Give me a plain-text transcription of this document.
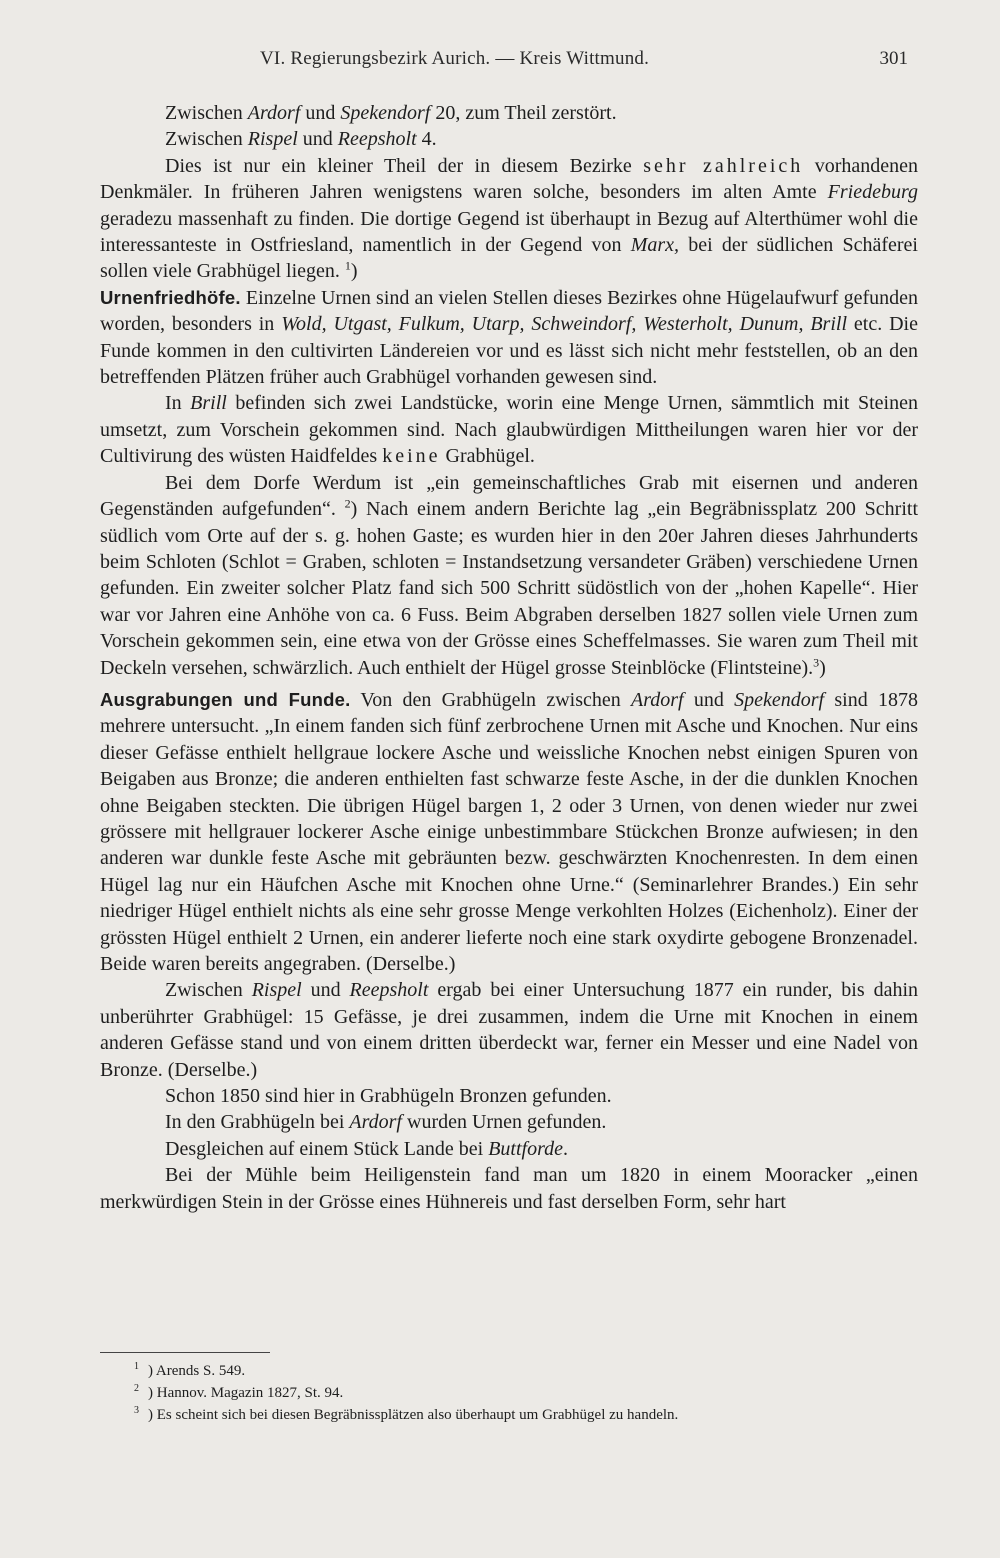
VI. Regierungsbezirk Aurich. — Kreis Wittmund.	301

Zwischen Ardorf und Spekendorf 20, zum Theil zerstört.

Zwischen Rispel und Reepsholt 4.

Dies ist nur ein kleiner Theil der in diesem Bezirke sehr zahlreich vorhandenen Denkmäler. In früheren Jahren wenigstens waren solche, besonders im alten Amte Friedeburg geradezu massenhaft zu finden. Die dortige Gegend ist überhaupt in Bezug auf Alterthümer wohl die interessanteste in Ostfriesland, namentlich in der Gegend von Marx, bei der südlichen Schäferei sollen viele Grabhügel liegen. $^1$)

Urnenfriedhöfe. Einzelne Urnen sind an vielen Stellen dieses Bezirkes ohne Hügelaufwurf gefunden worden, besonders in Wold, Utgast, Fulkum, Utarp, Schweindorf, Westerholt, Dunum, Brill etc. Die Funde kommen in den cultivirten Ländereien vor und es lässt sich nicht mehr feststellen, ob an den betreffenden Plätzen früher auch Grabhügel vorhanden gewesen sind.

In Brill befinden sich zwei Landstücke, worin eine Menge Urnen, sämmtlich mit Steinen umsetzt, zum Vorschein gekommen sind. Nach glaubwürdigen Mittheilungen waren hier vor der Cultivirung des wüsten Haidfeldes keine Grabhügel.

Bei dem Dorfe Werdum ist „ein gemeinschaftliches Grab mit eisernen und anderen Gegenständen aufgefunden“. $^2$) Nach einem andern Berichte lag „ein Begräbnissplatz 200 Schritt südlich vom Orte auf der s. g. hohen Gaste; es wurden hier in den 20er Jahren dieses Jahrhunderts beim Schloten (Schlot = Graben, schloten = Instandsetzung versandeter Gräben) verschiedene Urnen gefunden. Ein zweiter solcher Platz fand sich 500 Schritt südöstlich von der „hohen Kapelle“. Hier war vor Jahren eine Anhöhe von ca. 6 Fuss. Beim Abgraben derselben 1827 sollen viele Urnen zum Vorschein gekommen sein, eine etwa von der Grösse eines Scheffelmasses. Sie waren zum Theil mit Deckeln versehen, schwärzlich. Auch enthielt der Hügel grosse Steinblöcke (Flintsteine).$^3$)

Ausgrabungen und Funde. Von den Grabhügeln zwischen Ardorf und Spekendorf sind 1878 mehrere untersucht. „In einem fanden sich fünf zerbrochene Urnen mit Asche und Knochen. Nur eins dieser Gefässe enthielt hellgraue lockere Asche und weissliche Knochen nebst einigen Spuren von Beigaben aus Bronze; die anderen enthielten fast schwarze feste Asche, in der die dunklen Knochen ohne Beigaben steckten. Die übrigen Hügel bargen 1, 2 oder 3 Urnen, von denen wieder nur zwei grössere mit hellgrauer lockerer Asche einige unbestimmbare Stückchen Bronze aufwiesen; in den anderen war dunkle feste Asche mit gebräunten bezw. geschwärzten Knochenresten. In dem einen Hügel lag nur ein Häufchen Asche mit Knochen ohne Urne.“ (Seminarlehrer Brandes.) Ein sehr niedriger Hügel enthielt nichts als eine sehr grosse Menge verkohlten Holzes (Eichenholz). Einer der grössten Hügel enthielt 2 Urnen, ein anderer lieferte noch eine stark oxydirte gebogene Bronzenadel. Beide waren bereits angegraben. (Derselbe.)

Zwischen Rispel und Reepsholt ergab bei einer Untersuchung 1877 ein runder, bis dahin unberührter Grabhügel: 15 Gefässe, je drei zusammen, indem die Urne mit Knochen in einem anderen Gefässe stand und von einem dritten überdeckt war, ferner ein Messer und eine Nadel von Bronze. (Derselbe.)

Schon 1850 sind hier in Grabhügeln Bronzen gefunden.

In den Grabhügeln bei Ardorf wurden Urnen gefunden.

Desgleichen auf einem Stück Lande bei Buttforde.

Bei der Mühle beim Heiligenstein fand man um 1820 in einem Mooracker „einen merkwürdigen Stein in der Grösse eines Hühnereis und fast derselben Form, sehr hart

1 ) Arends S. 549.
2 ) Hannov. Magazin 1827, St. 94.
3 ) Es scheint sich bei diesen Begräbnissplätzen also überhaupt um Grabhügel zu handeln.
